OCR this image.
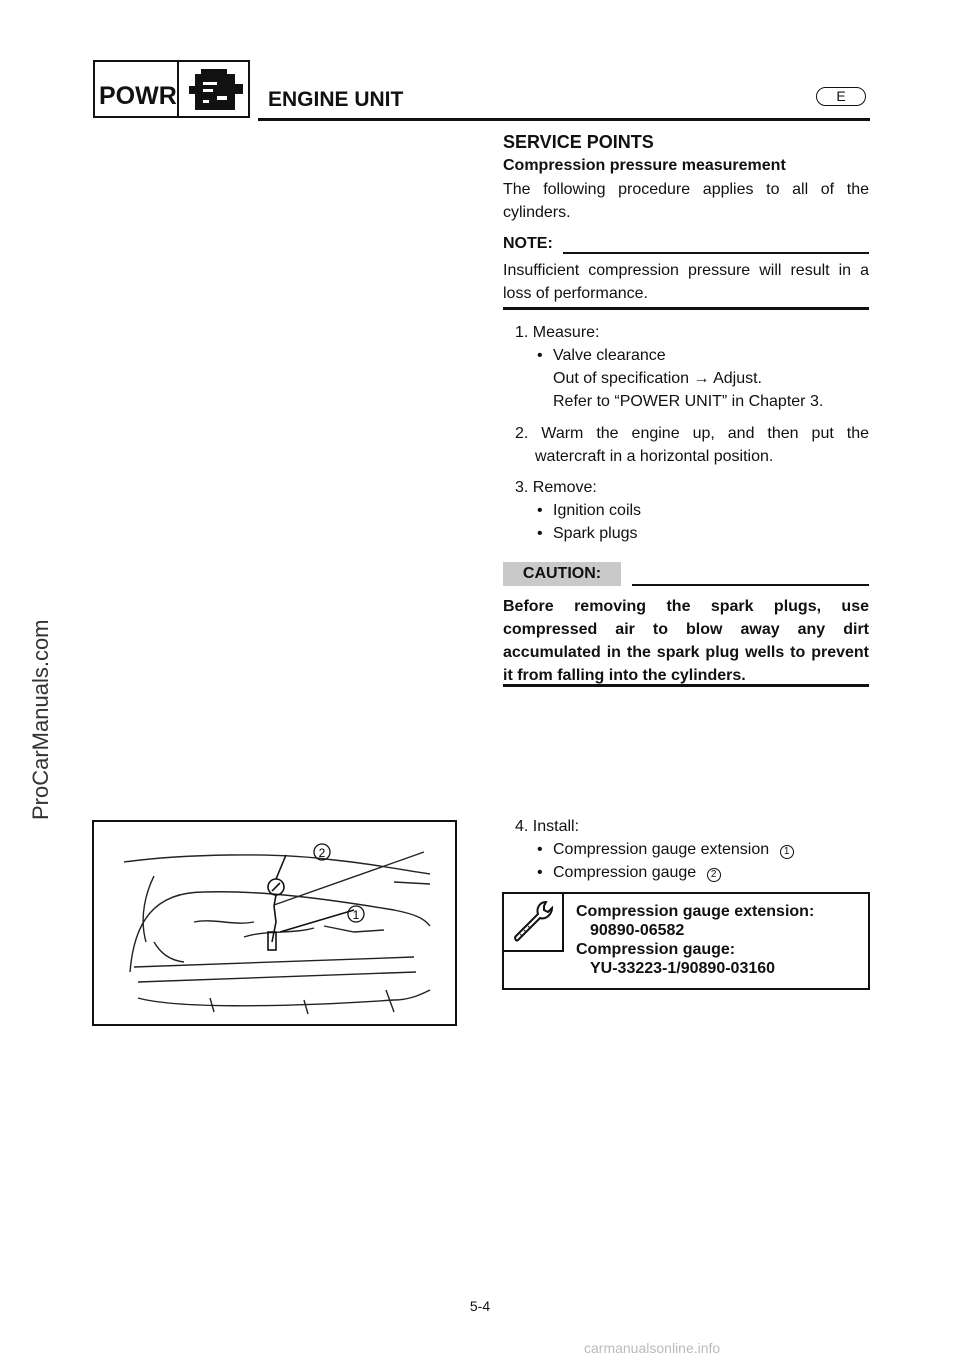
POWR	ENGINE UNIT	E
ProCarManuals.com
SERVICE POINTS
Compression pressure measurement
The following procedure applies to all of the cylinders.
NOTE:
Insufficient compression pressure will result in a loss of performance.
1. Measure:
• Valve clearance
Out of specification → Adjust.
Refer to “POWER UNIT” in Chapter 3.
2. Warm the engine up, and then put the
watercraft in a horizontal position.
3. Remove:
• Ignition coils
• Spark plugs
CAUTION:
Before removing the spark plugs, use compressed air to blow away any dirt accumulated in the spark plug wells to prevent it from falling into the cylinders.
2
1
4. Install:
• Compression gauge extension 1
• Compression gauge 2
Compression gauge extension:
90890-06582
Compression gauge:
YU-33223-1/90890-03160
5-4
carmanualsonline.info
